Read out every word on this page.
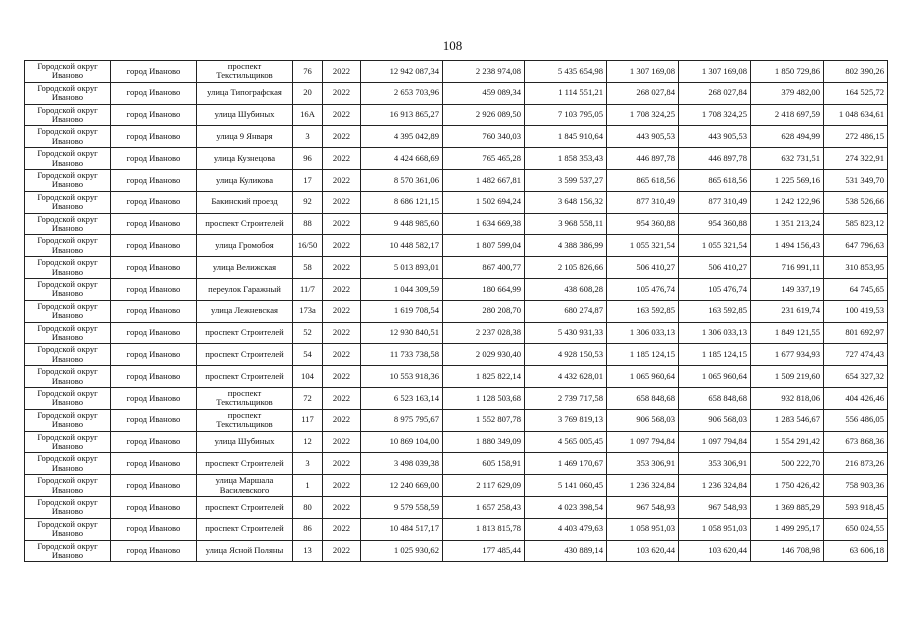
108
Городской округ Иваново	город Иваново	проспект Текстильщиков	76	2022	12 942 087,34	2 238 974,08	5 435 654,98	1 307 169,08	1 307 169,08	1 850 729,86	802 390,26
Городской округ Иваново	город Иваново	улица Типографская	20	2022	2 653 703,96	459 089,34	1 114 551,21	268 027,84	268 027,84	379 482,00	164 525,72
Городской округ Иваново	город Иваново	улица Шубиных	16А	2022	16 913 865,27	2 926 089,50	7 103 795,05	1 708 324,25	1 708 324,25	2 418 697,59	1 048 634,61
Городской округ Иваново	город Иваново	улица 9 Января	3	2022	4 395 042,89	760 340,03	1 845 910,64	443 905,53	443 905,53	628 494,99	272 486,15
Городской округ Иваново	город Иваново	улица Кузнецова	96	2022	4 424 668,69	765 465,28	1 858 353,43	446 897,78	446 897,78	632 731,51	274 322,91
Городской округ Иваново	город Иваново	улица Куликова	17	2022	8 570 361,06	1 482 667,81	3 599 537,27	865 618,56	865 618,56	1 225 569,16	531 349,70
Городской округ Иваново	город Иваново	Бакинский проезд	92	2022	8 686 121,15	1 502 694,24	3 648 156,32	877 310,49	877 310,49	1 242 122,96	538 526,66
Городской округ Иваново	город Иваново	проспект Строителей	88	2022	9 448 985,60	1 634 669,38	3 968 558,11	954 360,88	954 360,88	1 351 213,24	585 823,12
Городской округ Иваново	город Иваново	улица Громобоя	16/50	2022	10 448 582,17	1 807 599,04	4 388 386,99	1 055 321,54	1 055 321,54	1 494 156,43	647 796,63
Городской округ Иваново	город Иваново	улица Велижская	58	2022	5 013 893,01	867 400,77	2 105 826,66	506 410,27	506 410,27	716 991,11	310 853,95
Городской округ Иваново	город Иваново	переулок Гаражный	11/7	2022	1 044 309,59	180 664,99	438 608,28	105 476,74	105 476,74	149 337,19	64 745,65
Городской округ Иваново	город Иваново	улица Лежневская	173а	2022	1 619 708,54	280 208,70	680 274,87	163 592,85	163 592,85	231 619,74	100 419,53
Городской округ Иваново	город Иваново	проспект Строителей	52	2022	12 930 840,51	2 237 028,38	5 430 931,33	1 306 033,13	1 306 033,13	1 849 121,55	801 692,97
Городской округ Иваново	город Иваново	проспект Строителей	54	2022	11 733 738,58	2 029 930,40	4 928 150,53	1 185 124,15	1 185 124,15	1 677 934,93	727 474,43
Городской округ Иваново	город Иваново	проспект Строителей	104	2022	10 553 918,36	1 825 822,14	4 432 628,01	1 065 960,64	1 065 960,64	1 509 219,60	654 327,32
Городской округ Иваново	город Иваново	проспект Текстильщиков	72	2022	6 523 163,14	1 128 503,68	2 739 717,58	658 848,68	658 848,68	932 818,06	404 426,46
Городской округ Иваново	город Иваново	проспект Текстильщиков	117	2022	8 975 795,67	1 552 807,78	3 769 819,13	906 568,03	906 568,03	1 283 546,67	556 486,05
Городской округ Иваново	город Иваново	улица Шубиных	12	2022	10 869 104,00	1 880 349,09	4 565 005,45	1 097 794,84	1 097 794,84	1 554 291,42	673 868,36
Городской округ Иваново	город Иваново	проспект Строителей	3	2022	3 498 039,38	605 158,91	1 469 170,67	353 306,91	353 306,91	500 222,70	216 873,26
Городской округ Иваново	город Иваново	улица Маршала Василевского	1	2022	12 240 669,00	2 117 629,09	5 141 060,45	1 236 324,84	1 236 324,84	1 750 426,42	758 903,36
Городской округ Иваново	город Иваново	проспект Строителей	80	2022	9 579 558,59	1 657 258,43	4 023 398,54	967 548,93	967 548,93	1 369 885,29	593 918,45
Городской округ Иваново	город Иваново	проспект Строителей	86	2022	10 484 517,17	1 813 815,78	4 403 479,63	1 058 951,03	1 058 951,03	1 499 295,17	650 024,55
Городской округ Иваново	город Иваново	улица Ясной Поляны	13	2022	1 025 930,62	177 485,44	430 889,14	103 620,44	103 620,44	146 708,98	63 606,18
